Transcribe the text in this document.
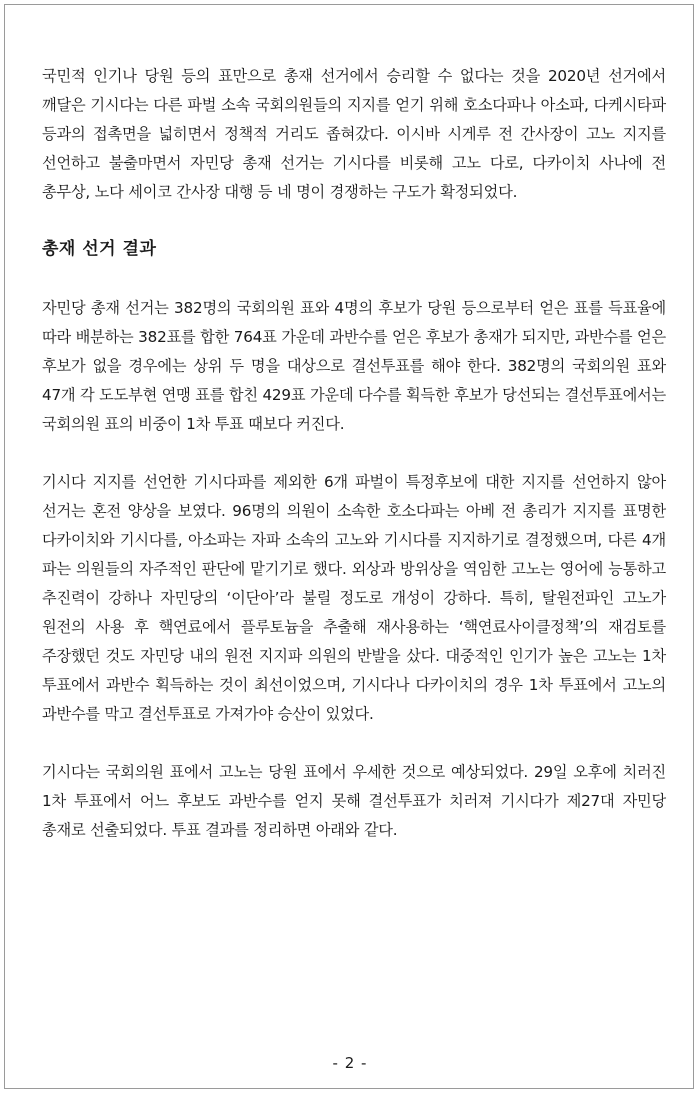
국민적 인기나 당원 등의 표만으로 총재 선거에서 승리할 수 없다는 것을 2020년 선거에서 깨달은 기시다는 다른 파벌 소속 국회의원들의 지지를 얻기 위해 호소다파나 아소파, 다케시타파 등과의 접촉면을 넓히면서 정책적 거리도 좁혀갔다. 이시바 시게루 전 간사장이 고노 지지를 선언하고 불출마면서 자민당 총재 선거는 기시다를 비롯해 고노 다로, 다카이치 사나에 전 총무상, 노다 세이코 간사장 대행 등 네 명이 경쟁하는 구도가 확정되었다.

총재 선거 결과

자민당 총재 선거는 382명의 국회의원 표와 4명의 후보가 당원 등으로부터 얻은 표를 득표율에 따라 배분하는 382표를 합한 764표 가운데 과반수를 얻은 후보가 총재가 되지만, 과반수를 얻은 후보가 없을 경우에는 상위 두 명을 대상으로 결선투표를 해야 한다. 382명의 국회의원 표와 47개 각 도도부현 연맹 표를 합친 429표 가운데 다수를 획득한 후보가 당선되는 결선투표에서는 국회의원 표의 비중이 1차 투표 때보다 커진다.

기시다 지지를 선언한 기시다파를 제외한 6개 파벌이 특정후보에 대한 지지를 선언하지 않아 선거는 혼전 양상을 보였다. 96명의 의원이 소속한 호소다파는 아베 전 총리가 지지를 표명한 다카이치와 기시다를, 아소파는 자파 소속의 고노와 기시다를 지지하기로 결정했으며, 다른 4개 파는 의원들의 자주적인 판단에 맡기기로 했다. 외상과 방위상을 역임한 고노는 영어에 능통하고 추진력이 강하나 자민당의 ‘이단아’라 불릴 정도로 개성이 강하다. 특히, 탈원전파인 고노가 원전의 사용 후 핵연료에서 플루토늄을 추출해 재사용하는 ‘핵연료사이클정책’의 재검토를 주장했던 것도 자민당 내의 원전 지지파 의원의 반발을 샀다. 대중적인 인기가 높은 고노는 1차 투표에서 과반수 획득하는 것이 최선이었으며, 기시다나 다카이치의 경우 1차 투표에서 고노의 과반수를 막고 결선투표로 가져가야 승산이 있었다.

기시다는 국회의원 표에서 고노는 당원 표에서 우세한 것으로 예상되었다. 29일 오후에 치러진 1차 투표에서 어느 후보도 과반수를 얻지 못해 결선투표가 치러져 기시다가 제27대 자민당 총재로 선출되었다. 투표 결과를 정리하면 아래와 같다.

- 2 -
